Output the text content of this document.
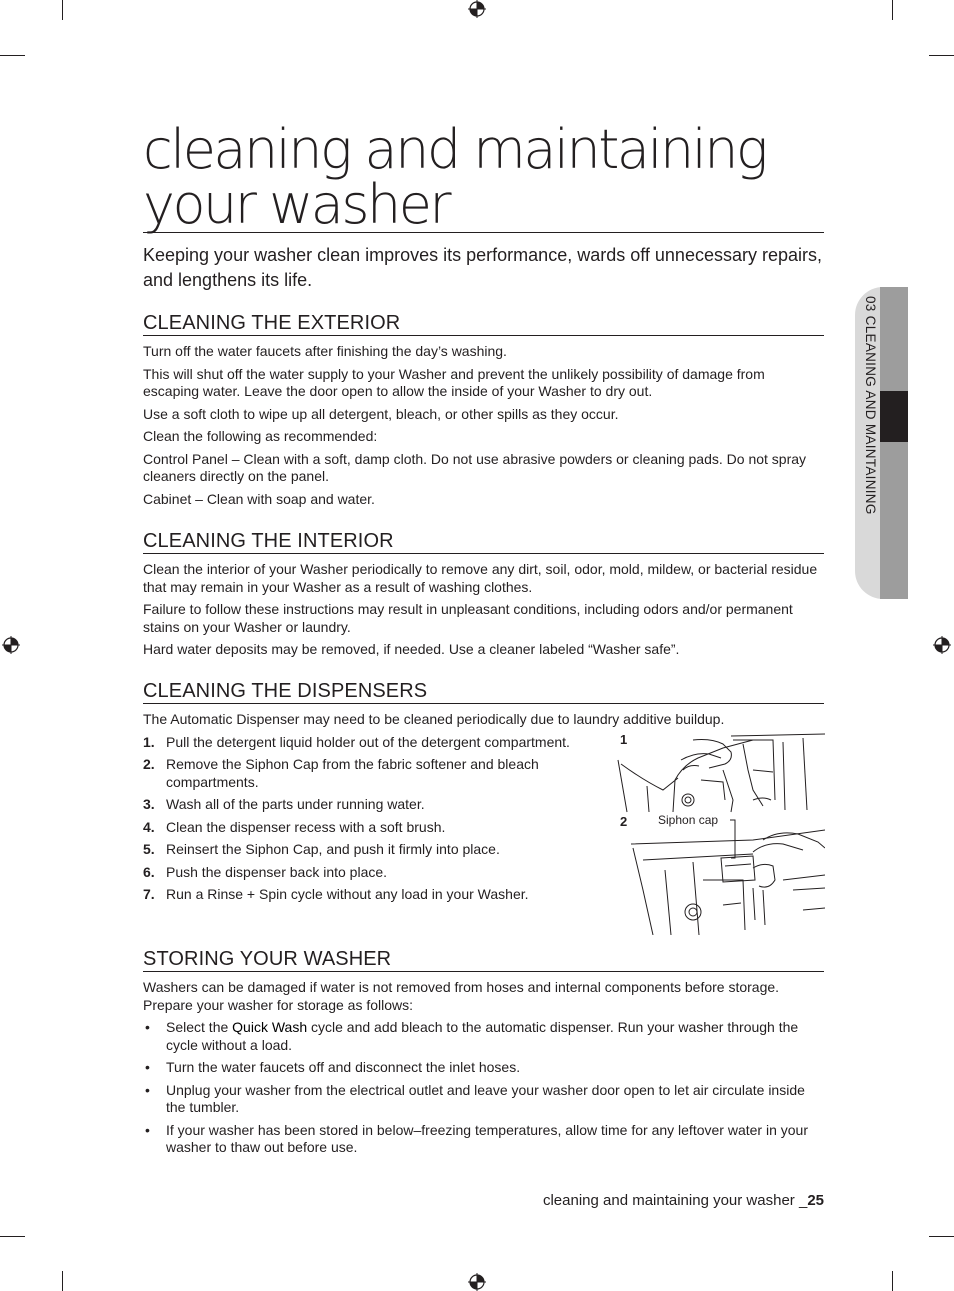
cleaning and maintaining your washer

Keeping your washer clean improves its performance, wards off unnecessary repairs, and lengthens its life.

CLEANING THE EXTERIOR

Turn off the water faucets after finishing the day’s washing.

This will shut off the water supply to your Washer and prevent the unlikely possibility of damage from escaping water. Leave the door open to allow the inside of your Washer to dry out.

Use a soft cloth to wipe up all detergent, bleach, or other spills as they occur.

Clean the following as recommended:

Control Panel – Clean with a soft, damp cloth. Do not use abrasive powders or cleaning pads. Do not spray cleaners directly on the panel.

Cabinet – Clean with soap and water.

CLEANING THE INTERIOR

Clean the interior of your Washer periodically to remove any dirt, soil, odor, mold, mildew, or bacterial residue that may remain in your Washer as a result of washing clothes.

Failure to follow these instructions may result in unpleasant conditions, including odors and/or permanent stains on your Washer or laundry.

Hard water deposits may be removed, if needed. Use a cleaner labeled “Washer safe”.

CLEANING THE DISPENSERS

The Automatic Dispenser may need to be cleaned periodically due to laundry additive buildup.

1. Pull the detergent liquid holder out of the detergent compartment.
2. Remove the Siphon Cap from the fabric softener and bleach compartments.
3. Wash all of the parts under running water.
4. Clean the dispenser recess with a soft brush.
5. Reinsert the Siphon Cap, and push it firmly into place.
6. Push the dispenser back into place.
7. Run a Rinse + Spin cycle without any load in your Washer.
1
2	Siphon cap
STORING YOUR WASHER

Washers can be damaged if water is not removed from hoses and internal components before storage. Prepare your washer for storage as follows:

• Select the Quick Wash cycle and add bleach to the automatic dispenser. Run your washer through the cycle without a load.
• Turn the water faucets off and disconnect the inlet hoses.
• Unplug your washer from the electrical outlet and leave your washer door open to let air circulate inside the tumbler.
• If your washer has been stored in below–freezing temperatures, allow time for any leftover water in your washer to thaw out before use.
03 CLEANING AND MAINTAINING
cleaning and maintaining your washer _25
